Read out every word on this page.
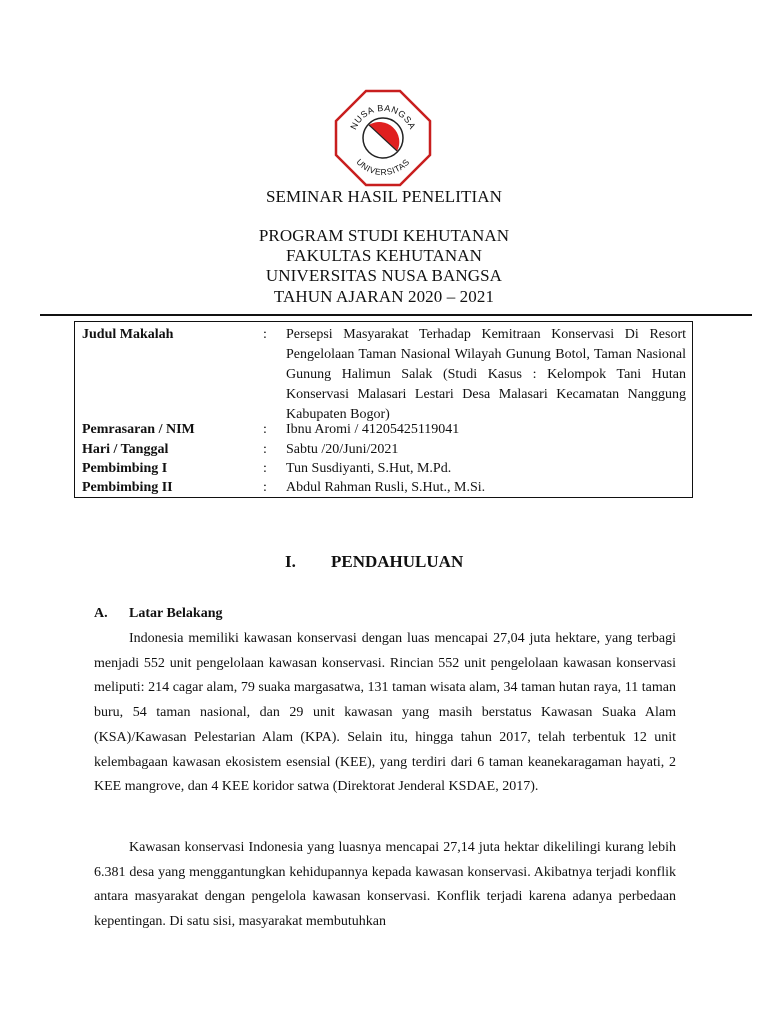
NUSA BANGSA
UNIVERSITAS
SEMINAR HASIL PENELITIAN
PROGRAM STUDI KEHUTANAN
FAKULTAS KEHUTANAN
UNIVERSITAS NUSA BANGSA
TAHUN AJARAN 2020 – 2021
Judul Makalah	: Persepsi Masyarakat Terhadap Kemitraan Konservasi Di Resort Pengelolaan Taman Nasional Wilayah Gunung Botol, Taman Nasional Gunung Halimun Salak (Studi Kasus : Kelompok Tani Hutan Konservasi Malasari Lestari Desa Malasari Kecamatan Nanggung Kabupaten Bogor)
Pemrasaran / NIM	: Ibnu Aromi / 41205425119041
Hari / Tanggal	: Sabtu /20/Juni/2021
Pembimbing I	: Tun Susdiyanti, S.Hut, M.Pd.
Pembimbing II	: Abdul Rahman Rusli, S.Hut., M.Si.
I. PENDAHULUAN
A. Latar Belakang

Indonesia memiliki kawasan konservasi dengan luas mencapai 27,04 juta hektare, yang terbagi menjadi 552 unit pengelolaan kawasan konservasi. Rincian 552 unit pengelolaan kawasan konservasi meliputi: 214 cagar alam, 79 suaka margasatwa, 131 taman wisata alam, 34 taman hutan raya, 11 taman buru, 54 taman nasional, dan 29 unit kawasan yang masih berstatus Kawasan Suaka Alam (KSA)/Kawasan Pelestarian Alam (KPA). Selain itu, hingga tahun 2017, telah terbentuk 12 unit kelembagaan kawasan ekosistem esensial (KEE), yang terdiri dari 6 taman keanekaragaman hayati, 2 KEE mangrove, dan 4 KEE koridor satwa (Direktorat Jenderal KSDAE, 2017).

Kawasan konservasi Indonesia yang luasnya mencapai 27,14 juta hektar dikelilingi kurang lebih 6.381 desa yang menggantungkan kehidupannya kepada kawasan konservasi. Akibatnya terjadi konflik antara masyarakat dengan pengelola kawasan konservasi. Konflik terjadi karena adanya perbedaan kepentingan. Di satu sisi, masyarakat membutuhkan
